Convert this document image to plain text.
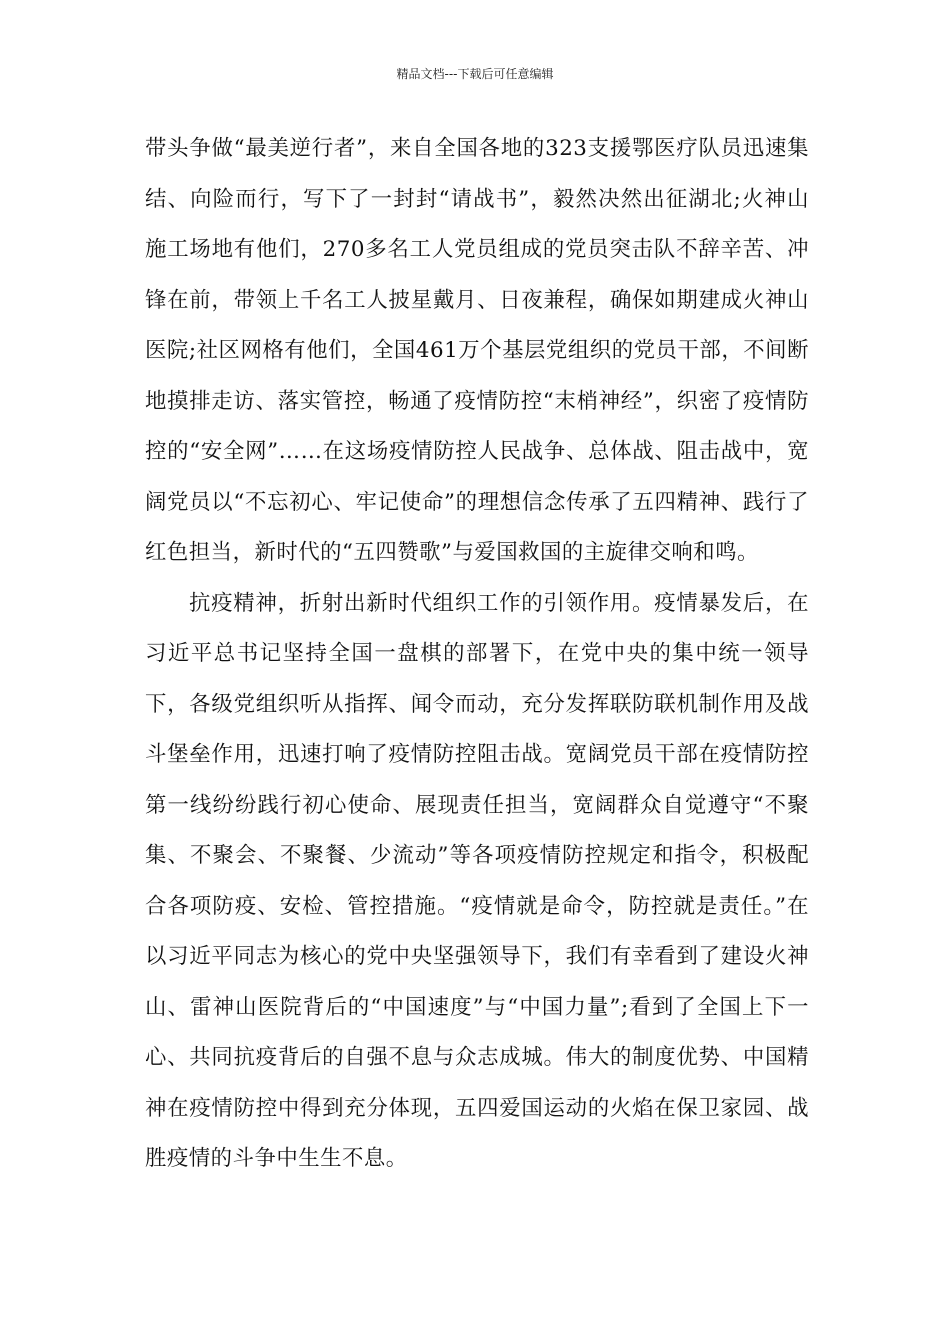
精品文档---下载后可任意编辑

带头争做“最美逆行者”，来自全国各地的323支援鄂医疗队员迅速集结、向险而行，写下了一封封“请战书”，毅然决然出征湖北;火神山施工场地有他们，270多名工人党员组成的党员突击队不辞辛苦、冲锋在前，带领上千名工人披星戴月、日夜兼程，确保如期建成火神山医院;社区网格有他们，全国461万个基层党组织的党员干部，不间断地摸排走访、落实管控，畅通了疫情防控“末梢神经”，织密了疫情防控的“安全网”……在这场疫情防控人民战争、总体战、阻击战中，宽阔党员以“不忘初心、牢记使命”的理想信念传承了五四精神、践行了红色担当，新时代的“五四赞歌”与爱国救国的主旋律交响和鸣。

抗疫精神，折射出新时代组织工作的引领作用。疫情暴发后，在习近平总书记坚持全国一盘棋的部署下，在党中央的集中统一领导下，各级党组织听从指挥、闻令而动，充分发挥联防联机制作用及战斗堡垒作用，迅速打响了疫情防控阻击战。宽阔党员干部在疫情防控第一线纷纷践行初心使命、展现责任担当，宽阔群众自觉遵守“不聚集、不聚会、不聚餐、少流动”等各项疫情防控规定和指令，积极配合各项防疫、安检、管控措施。“疫情就是命令，防控就是责任。”在以习近平同志为核心的党中央坚强领导下，我们有幸看到了建设火神山、雷神山医院背后的“中国速度”与“中国力量”;看到了全国上下一心、共同抗疫背后的自强不息与众志成城。伟大的制度优势、中国精神在疫情防控中得到充分体现，五四爱国运动的火焰在保卫家园、战胜疫情的斗争中生生不息。
